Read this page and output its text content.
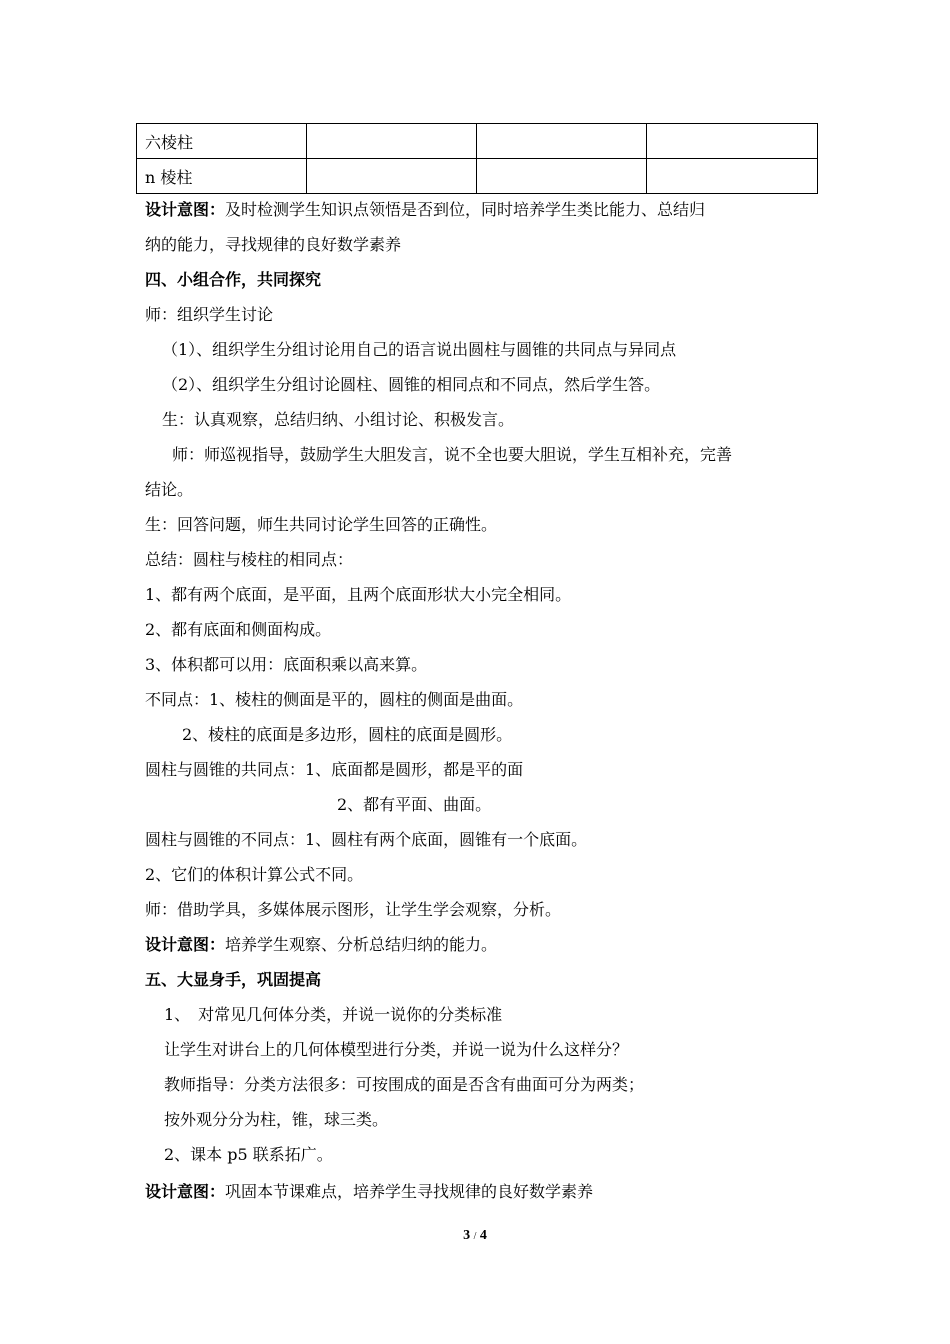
六棱柱			
n 棱柱			
设计意图：及时检测学生知识点领悟是否到位，同时培养学生类比能力、总结归
纳的能力，寻找规律的良好数学素养
四、小组合作，共同探究
师：组织学生讨论
（1）、组织学生分组讨论用自己的语言说出圆柱与圆锥的共同点与异同点
（2）、组织学生分组讨论圆柱、圆锥的相同点和不同点，然后学生答。
生：认真观察，总结归纳、小组讨论、积极发言。
师：师巡视指导，鼓励学生大胆发言，说不全也要大胆说，学生互相补充，完善
结论。
生：回答问题，师生共同讨论学生回答的正确性。
总结：圆柱与棱柱的相同点：
1、都有两个底面，是平面，且两个底面形状大小完全相同。
2、都有底面和侧面构成。
3、体积都可以用：底面积乘以高来算。
不同点：1、棱柱的侧面是平的，圆柱的侧面是曲面。
2、棱柱的底面是多边形，圆柱的底面是圆形。
圆柱与圆锥的共同点：1、底面都是圆形，都是平的面
2、都有平面、曲面。
圆柱与圆锥的不同点：1、圆柱有两个底面，圆锥有一个底面。
2、它们的体积计算公式不同。
师：借助学具，多媒体展示图形，让学生学会观察，分析。
设计意图：培养学生观察、分析总结归纳的能力。
五、大显身手，巩固提高
1、　对常见几何体分类，并说一说你的分类标准
让学生对讲台上的几何体模型进行分类，并说一说为什么这样分？
教师指导：分类方法很多：可按围成的面是否含有曲面可分为两类；
按外观分分为柱，锥，球三类。
2、课本 p5 联系拓广。
设计意图：巩固本节课难点，培养学生寻找规律的良好数学素养
3 / 4
